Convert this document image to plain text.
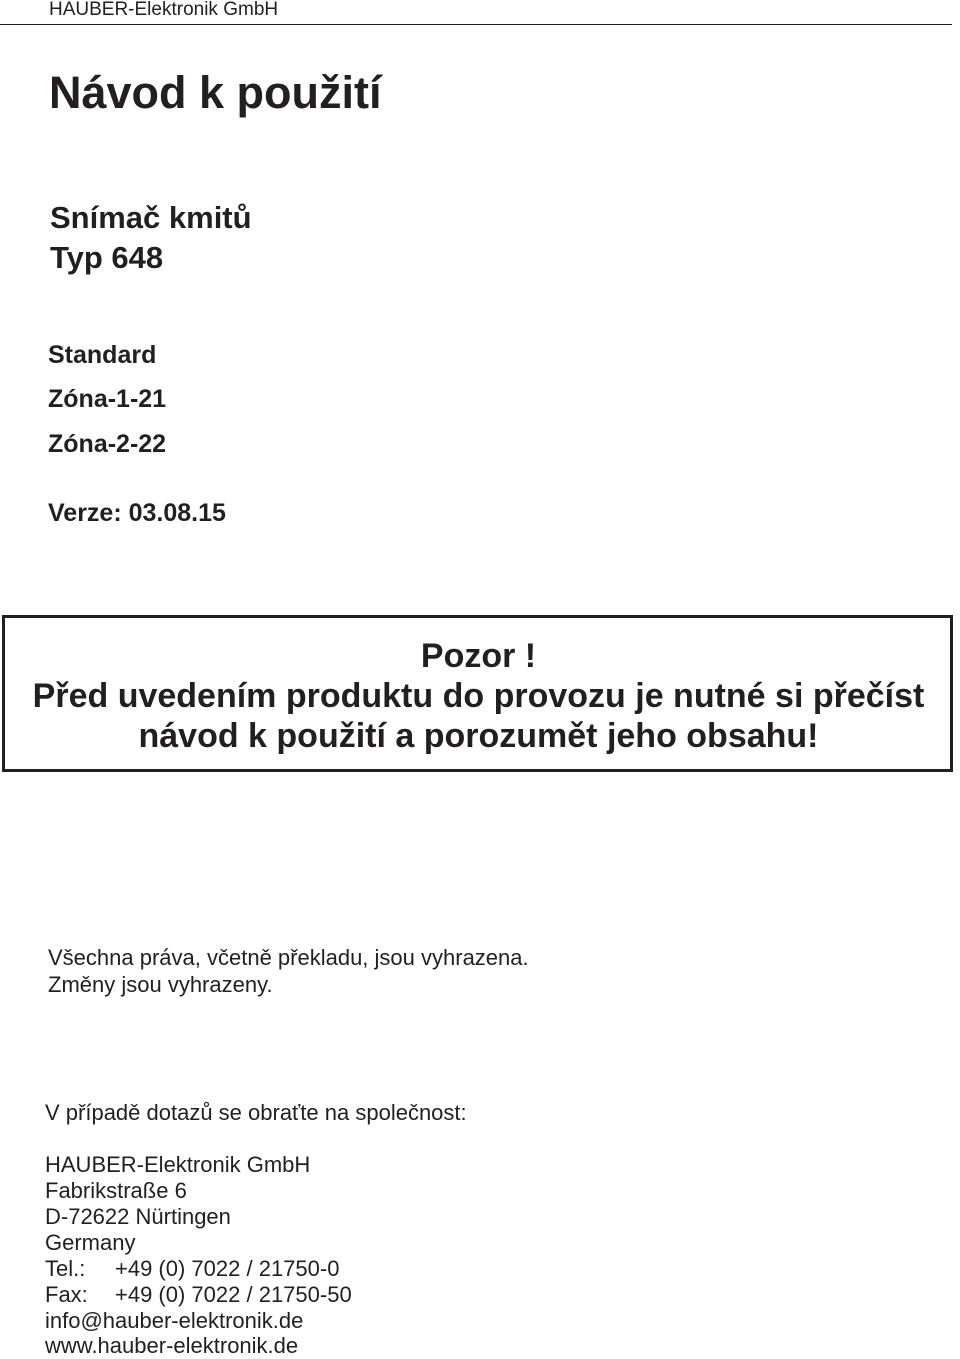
HAUBER-Elektronik GmbH
Návod k použití
Snímač kmitů
Typ 648
Standard
Zóna-1-21
Zóna-2-22
Verze: 03.08.15
Pozor !
Před uvedením produktu do provozu je nutné si přečíst
návod k použití a porozumět jeho obsahu!
Všechna práva, včetně překladu, jsou vyhrazena.
Změny jsou vyhrazeny.
V případě dotazů se obraťte na společnost:
HAUBER-Elektronik GmbH
Fabrikstraße 6
D-72622 Nürtingen
Germany
Tel.: +49 (0) 7022 / 21750-0
Fax: +49 (0) 7022 / 21750-50
info@hauber-elektronik.de
www.hauber-elektronik.de
